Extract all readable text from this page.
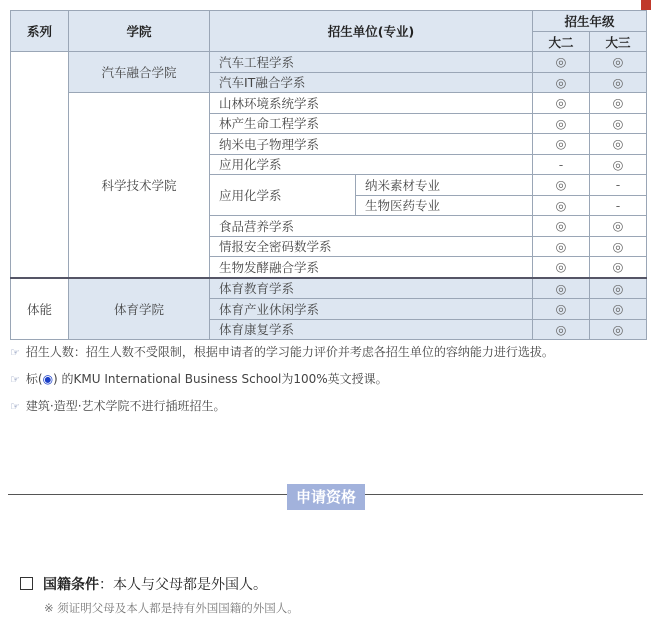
系列	学院	招生单位(专业)		招生年级	
				大二	大三
	汽车融合学院	汽车工程学系		◎	◎
		汽车IT融合学系		◎	◎
	科学技术学院	山林环境系统学系		◎	◎
		林产生命工程学系		◎	◎
		纳米电子物理学系		◎	◎
		应用化学系		-	◎
		应用化学系	纳米素材专业	◎	-
			生物医药专业	◎	-
		食品营养学系		◎	◎
		情报安全密码数学系		◎	◎
		生物发酵融合学系		◎	◎
体能	体育学院	体育教育学系		◎	◎
		体育产业休闲学系		◎	◎
		体育康复学系		◎	◎
☞ 招生人数：招生人数不受限制，根据申请者的学习能力评价并考虑各招生单位的容纳能力进行选拔。
☞ 标(◉) 的KMU International Business School为100%英文授课。
☞ 建筑·造型·艺术学院不进行插班招生。
申请资格
国籍条件：本人与父母都是外国人。
※ 须证明父母及本人都是持有外国国籍的外国人。
